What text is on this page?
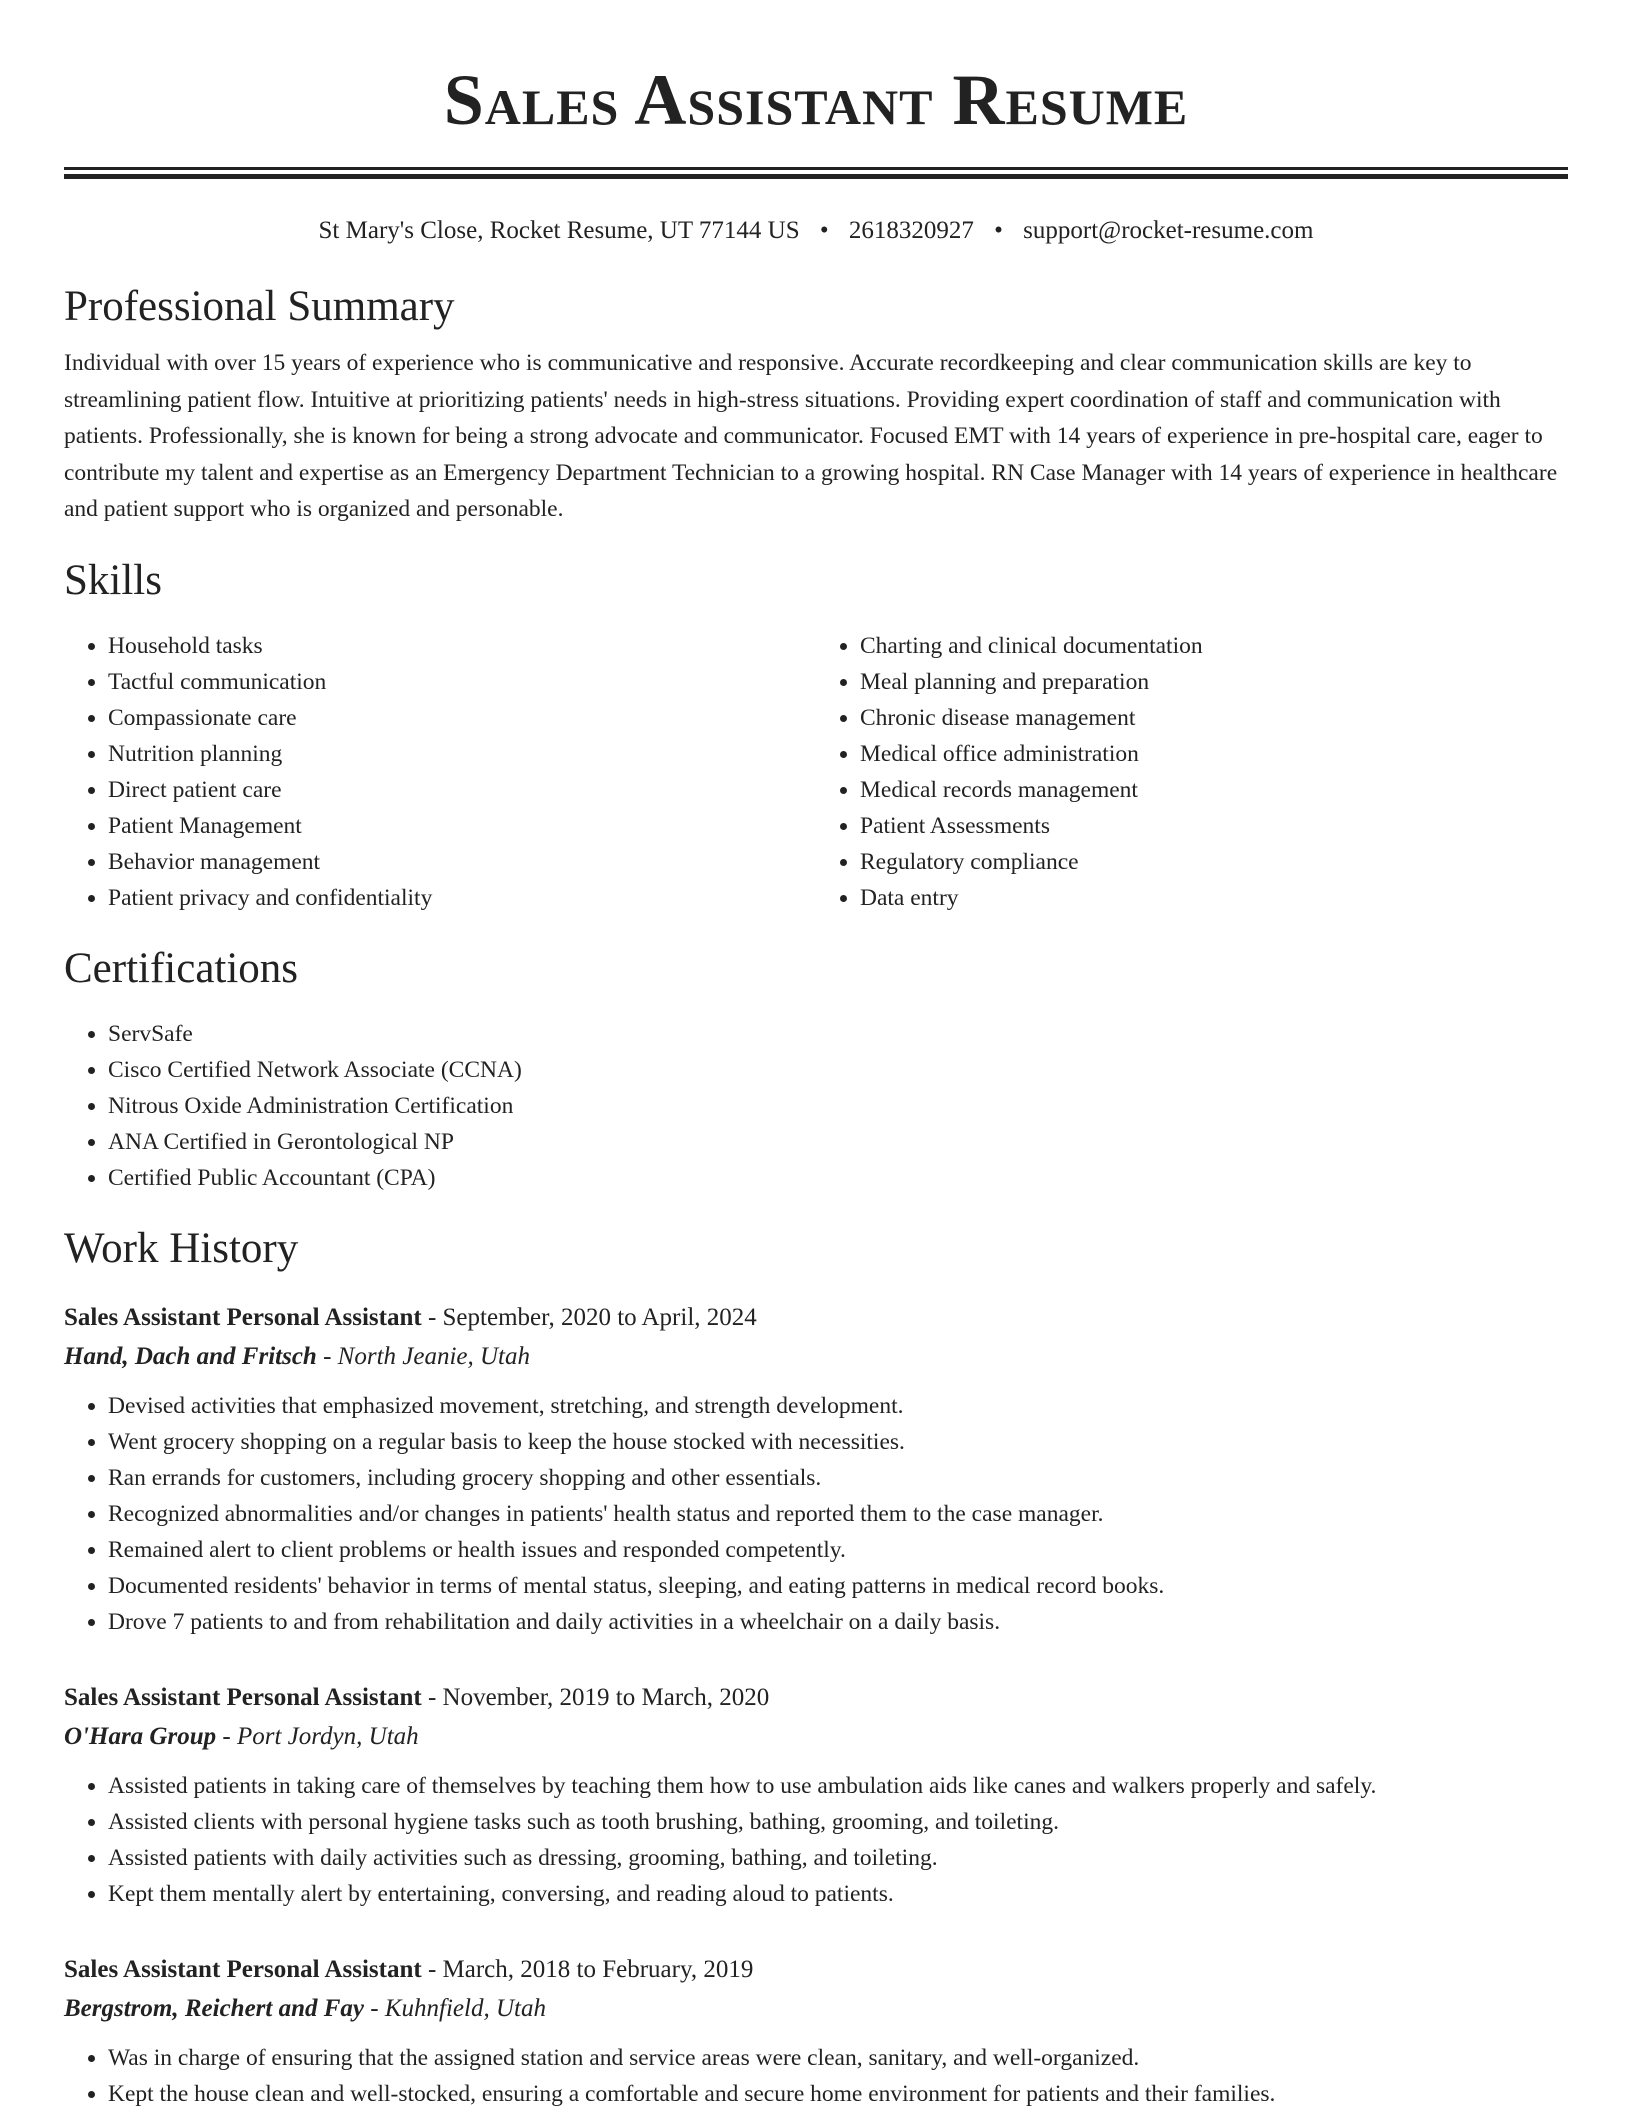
Sales Assistant Resume
St Mary's Close, Rocket Resume, UT 77144 US • 2618320927 • support@rocket-resume.com
Professional Summary
Individual with over 15 years of experience who is communicative and responsive. Accurate recordkeeping and clear communication skills are key to streamlining patient flow. Intuitive at prioritizing patients' needs in high-stress situations. Providing expert coordination of staff and communication with patients. Professionally, she is known for being a strong advocate and communicator. Focused EMT with 14 years of experience in pre-hospital care, eager to contribute my talent and expertise as an Emergency Department Technician to a growing hospital. RN Case Manager with 14 years of experience in healthcare and patient support who is organized and personable.
Skills
• Household tasks
• Tactful communication
• Compassionate care
• Nutrition planning
• Direct patient care
• Patient Management
• Behavior management
• Patient privacy and confidentiality
• Charting and clinical documentation
• Meal planning and preparation
• Chronic disease management
• Medical office administration
• Medical records management
• Patient Assessments
• Regulatory compliance
• Data entry
Certifications
• ServSafe
• Cisco Certified Network Associate (CCNA)
• Nitrous Oxide Administration Certification
• ANA Certified in Gerontological NP
• Certified Public Accountant (CPA)
Work History
Sales Assistant Personal Assistant - September, 2020 to April, 2024
Hand, Dach and Fritsch - North Jeanie, Utah
• Devised activities that emphasized movement, stretching, and strength development.
• Went grocery shopping on a regular basis to keep the house stocked with necessities.
• Ran errands for customers, including grocery shopping and other essentials.
• Recognized abnormalities and/or changes in patients' health status and reported them to the case manager.
• Remained alert to client problems or health issues and responded competently.
• Documented residents' behavior in terms of mental status, sleeping, and eating patterns in medical record books.
• Drove 7 patients to and from rehabilitation and daily activities in a wheelchair on a daily basis.
Sales Assistant Personal Assistant - November, 2019 to March, 2020
O'Hara Group - Port Jordyn, Utah
• Assisted patients in taking care of themselves by teaching them how to use ambulation aids like canes and walkers properly and safely.
• Assisted clients with personal hygiene tasks such as tooth brushing, bathing, grooming, and toileting.
• Assisted patients with daily activities such as dressing, grooming, bathing, and toileting.
• Kept them mentally alert by entertaining, conversing, and reading aloud to patients.
Sales Assistant Personal Assistant - March, 2018 to February, 2019
Bergstrom, Reichert and Fay - Kuhnfield, Utah
• Was in charge of ensuring that the assigned station and service areas were clean, sanitary, and well-organized.
• Kept the house clean and well-stocked, ensuring a comfortable and secure home environment for patients and their families.
